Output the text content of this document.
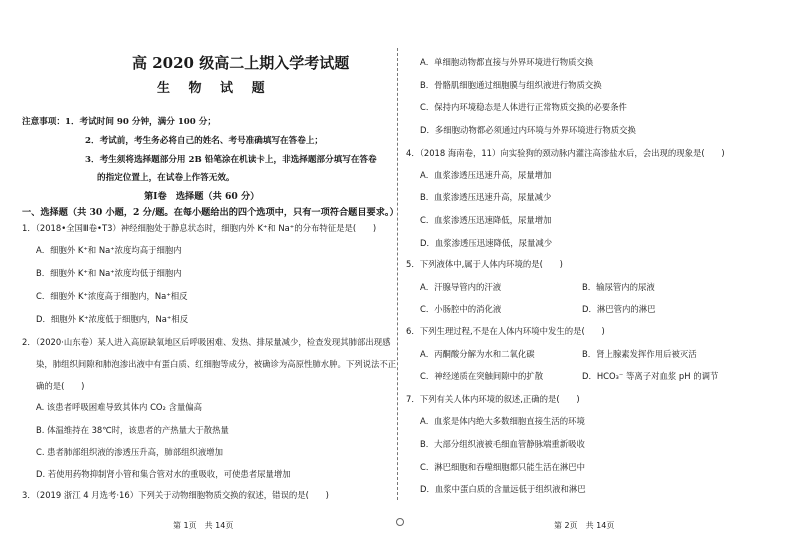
高 2020 级高二上期入学考试题
生 物 试 题
注意事项：1．考试时间 90 分钟，满分 100 分；
2．考试前，考生务必将自己的姓名、考号准确填写在答卷上；
3．考生须将选择题部分用 2B 铅笔涂在机读卡上，非选择题部分填写在答卷
的指定位置上，在试卷上作答无效。
第Ⅰ卷　选择题（共 60 分）
一、选择题（共 30 小题，2 分/题。在每小题给出的四个选项中，只有一项符合题目要求。）
1．（2018•全国Ⅲ卷•T3）神经细胞处于静息状态时，细胞内外 K⁺和 Na⁺的分布特征是是(　　)
A．细胞外 K⁺和 Na⁺浓度均高于细胞内
B．细胞外 K⁺和 Na⁺浓度均低于细胞内
C．细胞外 K⁺浓度高于细胞内，Na⁺相反
D．细胞外 K⁺浓度低于细胞内，Na⁺相反
2．（2020·山东卷）某人进入高原缺氧地区后呼吸困难、发热、排尿量减少，检查发现其肺部出现感
染，肺组织间隙和肺泡渗出液中有蛋白质、红细胞等成分，被确诊为高原性肺水肿。下列说法不正
确的是(　　)
A. 该患者呼吸困难导致其体内 CO₂ 含量偏高
B. 体温维持在 38℃时，该患者的产热量大于散热量
C. 患者肺部组织液的渗透压升高，肺部组织液增加
D. 若使用药物抑制肾小管和集合管对水的重吸收，可使患者尿量增加
3．（2019 浙江 4 月选考·16）下列关于动物细胞物质交换的叙述，错误的是(　　)
第 1页　共 14页
A．单细胞动物都直接与外界环境进行物质交换
B．骨骼肌细胞通过细胞膜与组织液进行物质交换
C．保持内环境稳态是人体进行正常物质交换的必要条件
D．多细胞动物都必须通过内环境与外界环境进行物质交换
4．（2018 海南卷，11）向实验狗的颈动脉内灌注高渗盐水后，会出现的现象是(　　)
A．血浆渗透压迅速升高，尿量增加
B．血浆渗透压迅速升高，尿量减少
C．血浆渗透压迅速降低，尿量增加
D．血浆渗透压迅速降低，尿量减少
5．下列液体中,属于人体内环境的是(　　)
A．汗腺导管内的汗液	B．输尿管内的尿液
C．小肠腔中的消化液	D．淋巴管内的淋巴
6．下列生理过程,不是在人体内环境中发生的是(　　)
A．丙酮酸分解为水和二氧化碳	B．肾上腺素发挥作用后被灭活
C．神经递质在突触间隙中的扩散	D．HCO₃⁻ 等离子对血浆 pH 的调节
7．下列有关人体内环境的叙述,正确的是(　　)
A．血浆是体内绝大多数细胞直接生活的环境
B．大部分组织液被毛细血管静脉端重新吸收
C．淋巴细胞和吞噬细胞都只能生活在淋巴中
D．血浆中蛋白质的含量远低于组织液和淋巴
第 2页　共 14页
